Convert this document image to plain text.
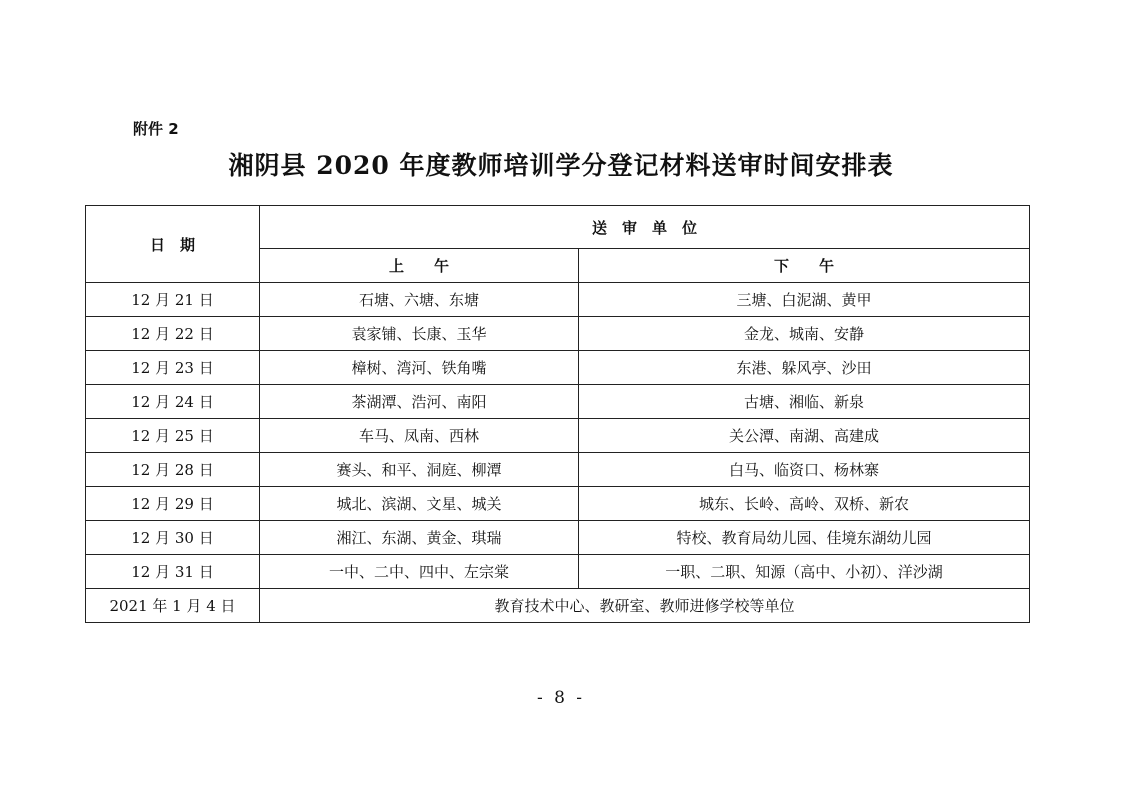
附件 2
湘阴县 2020 年度教师培训学分登记材料送审时间安排表
日　期	送　审　单　位	
	上　　午	下　　午
12 月 21 日	石塘、六塘、东塘	三塘、白泥湖、黄甲
12 月 22 日	袁家铺、长康、玉华	金龙、城南、安静
12 月 23 日	樟树、湾河、铁角嘴	东港、躲风亭、沙田
12 月 24 日	茶湖潭、浩河、南阳	古塘、湘临、新泉
12 月 25 日	车马、凤南、西林	关公潭、南湖、高建成
12 月 28 日	赛头、和平、洞庭、柳潭	白马、临资口、杨林寨
12 月 29 日	城北、滨湖、文星、城关	城东、长岭、高岭、双桥、新农
12 月 30 日	湘江、东湖、黄金、琪瑞	特校、教育局幼儿园、佳境东湖幼儿园
12 月 31 日	一中、二中、四中、左宗棠	一职、二职、知源（高中、小初）、洋沙湖
2021 年 1 月 4 日	教育技术中心、教研室、教师进修学校等单位	
- 8 -
